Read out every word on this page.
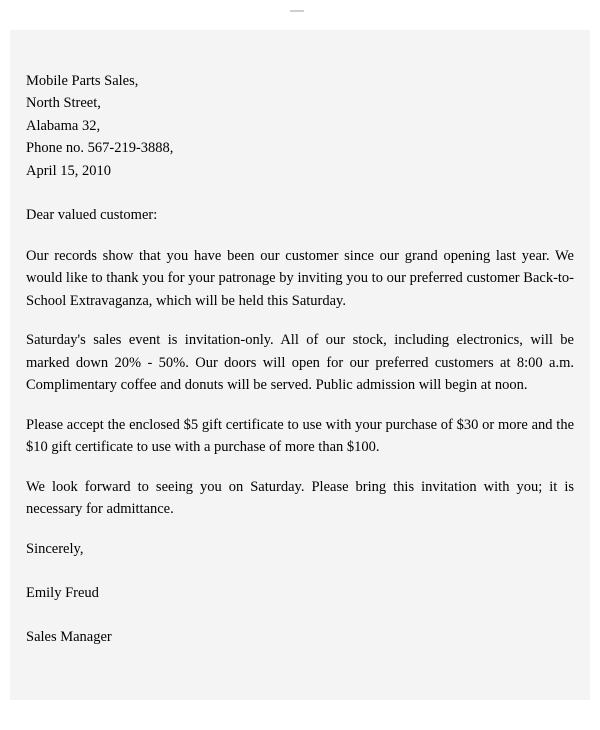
Mobile Parts Sales,
North Street,
Alabama 32,
Phone no. 567-219-3888,
April 15, 2010

Dear valued customer:

Our records show that you have been our customer since our grand opening last year. We would like to thank you for your patronage by inviting you to our preferred customer Back-to-School Extravaganza, which will be held this Saturday.

Saturday's sales event is invitation-only. All of our stock, including electronics, will be marked down 20% - 50%. Our doors will open for our preferred customers at 8:00 a.m. Complimentary coffee and donuts will be served. Public admission will begin at noon.

Please accept the enclosed $5 gift certificate to use with your purchase of $30 or more and the $10 gift certificate to use with a purchase of more than $100.

We look forward to seeing you on Saturday. Please bring this invitation with you; it is necessary for admittance.

Sincerely,

Emily Freud

Sales Manager
